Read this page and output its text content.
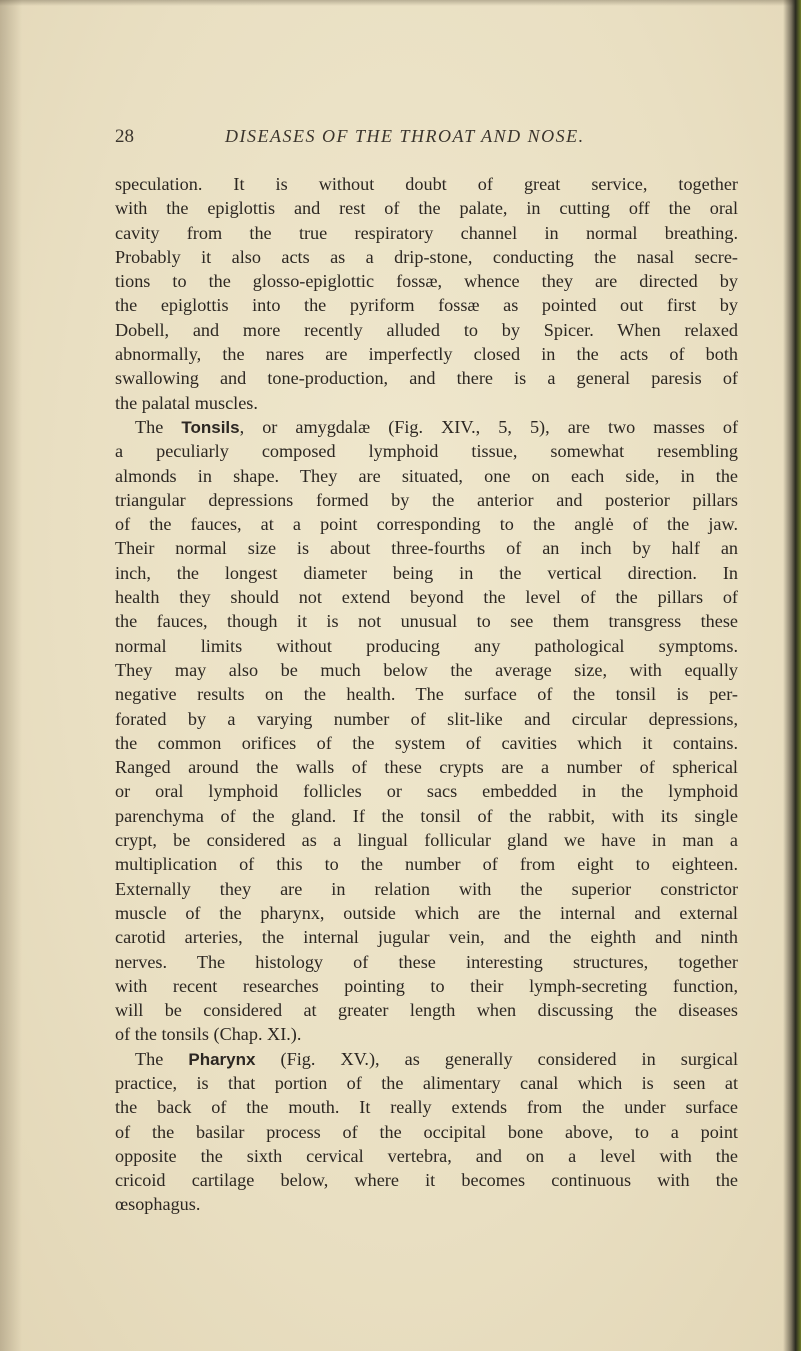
28	DISEASES OF THE THROAT AND NOSE.
speculation. It is without doubt of great service, together
with the epiglottis and rest of the palate, in cutting off the oral
cavity from the true respiratory channel in normal breathing.
Probably it also acts as a drip-stone, conducting the nasal secre-
tions to the glosso-epiglottic fossæ, whence they are directed by
the epiglottis into the pyriform fossæ as pointed out first by
Dobell, and more recently alluded to by Spicer. When relaxed
abnormally, the nares are imperfectly closed in the acts of both
swallowing and tone-production, and there is a general paresis of
the palatal muscles.
The Tonsils, or amygdalæ (Fig. XIV., 5, 5), are two masses of
a peculiarly composed lymphoid tissue, somewhat resembling
almonds in shape. They are situated, one on each side, in the
triangular depressions formed by the anterior and posterior pillars
of the fauces, at a point corresponding to the anglė of the jaw.
Their normal size is about three-fourths of an inch by half an
inch, the longest diameter being in the vertical direction. In
health they should not extend beyond the level of the pillars of
the fauces, though it is not unusual to see them transgress these
normal limits without producing any pathological symptoms.
They may also be much below the average size, with equally
negative results on the health. The surface of the tonsil is per-
forated by a varying number of slit-like and circular depressions,
the common orifices of the system of cavities which it contains.
Ranged around the walls of these crypts are a number of spherical
or oral lymphoid follicles or sacs embedded in the lymphoid
parenchyma of the gland. If the tonsil of the rabbit, with its single
crypt, be considered as a lingual follicular gland we have in man a
multiplication of this to the number of from eight to eighteen.
Externally they are in relation with the superior constrictor
muscle of the pharynx, outside which are the internal and external
carotid arteries, the internal jugular vein, and the eighth and ninth
nerves. The histology of these interesting structures, together
with recent researches pointing to their lymph-secreting function,
will be considered at greater length when discussing the diseases
of the tonsils (Chap. XI.).
The Pharynx (Fig. XV.), as generally considered in surgical
practice, is that portion of the alimentary canal which is seen at
the back of the mouth. It really extends from the under surface
of the basilar process of the occipital bone above, to a point
opposite the sixth cervical vertebra, and on a level with the
cricoid cartilage below, where it becomes continuous with the
œsophagus.
